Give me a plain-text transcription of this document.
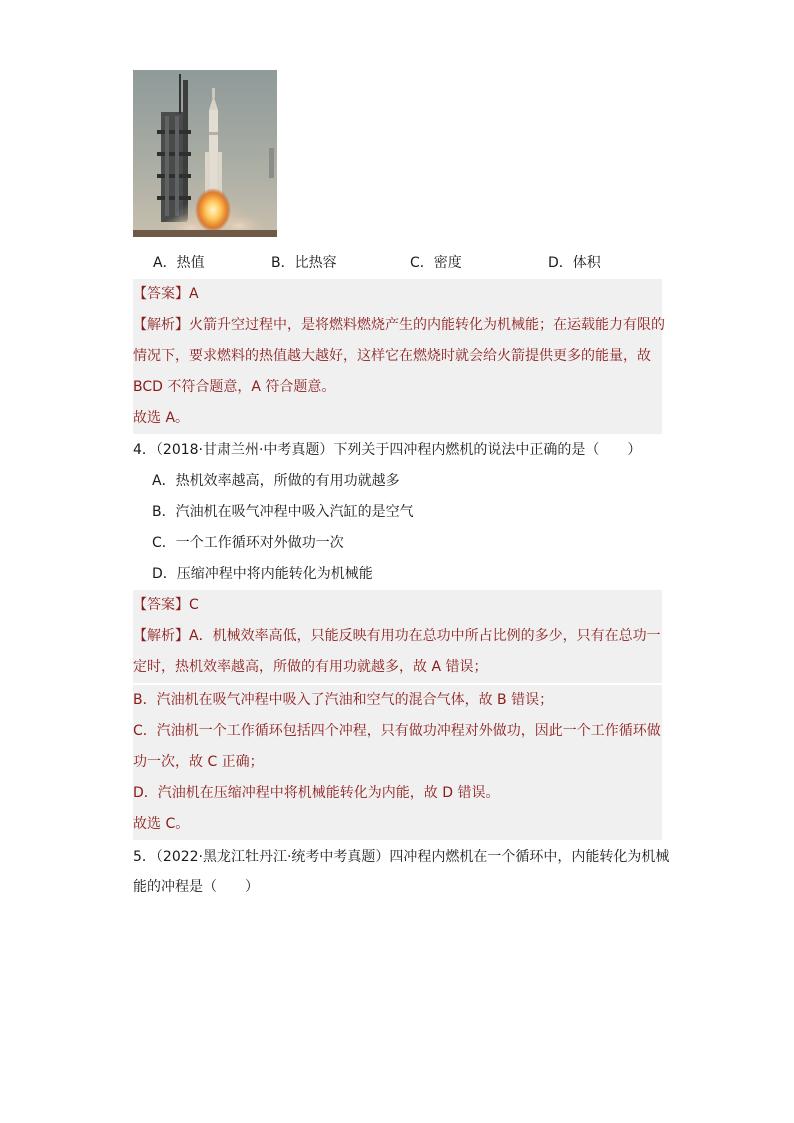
A．热值	B．比热容	C．密度	D．体积
【答案】A
【解析】火箭升空过程中，是将燃料燃烧产生的内能转化为机械能；在运载能力有限的
情况下，要求燃料的热值越大越好，这样它在燃烧时就会给火箭提供更多的能量，故
BCD 不符合题意，A 符合题意。
故选 A。
4．（2018·甘肃兰州·中考真题）下列关于四冲程内燃机的说法中正确的是（　　）
A．热机效率越高，所做的有用功就越多
B．汽油机在吸气冲程中吸入汽缸的是空气
C．一个工作循环对外做功一次
D．压缩冲程中将内能转化为机械能
【答案】C
【解析】A．机械效率高低，只能反映有用功在总功中所占比例的多少，只有在总功一
定时，热机效率越高，所做的有用功就越多，故 A 错误；
B．汽油机在吸气冲程中吸入了汽油和空气的混合气体，故 B 错误；
C．汽油机一个工作循环包括四个冲程，只有做功冲程对外做功，因此一个工作循环做
功一次，故 C 正确；
D．汽油机在压缩冲程中将机械能转化为内能，故 D 错误。
故选 C。
5．（2022·黑龙江牡丹江·统考中考真题）四冲程内燃机在一个循环中，内能转化为机械
能的冲程是（　　）
